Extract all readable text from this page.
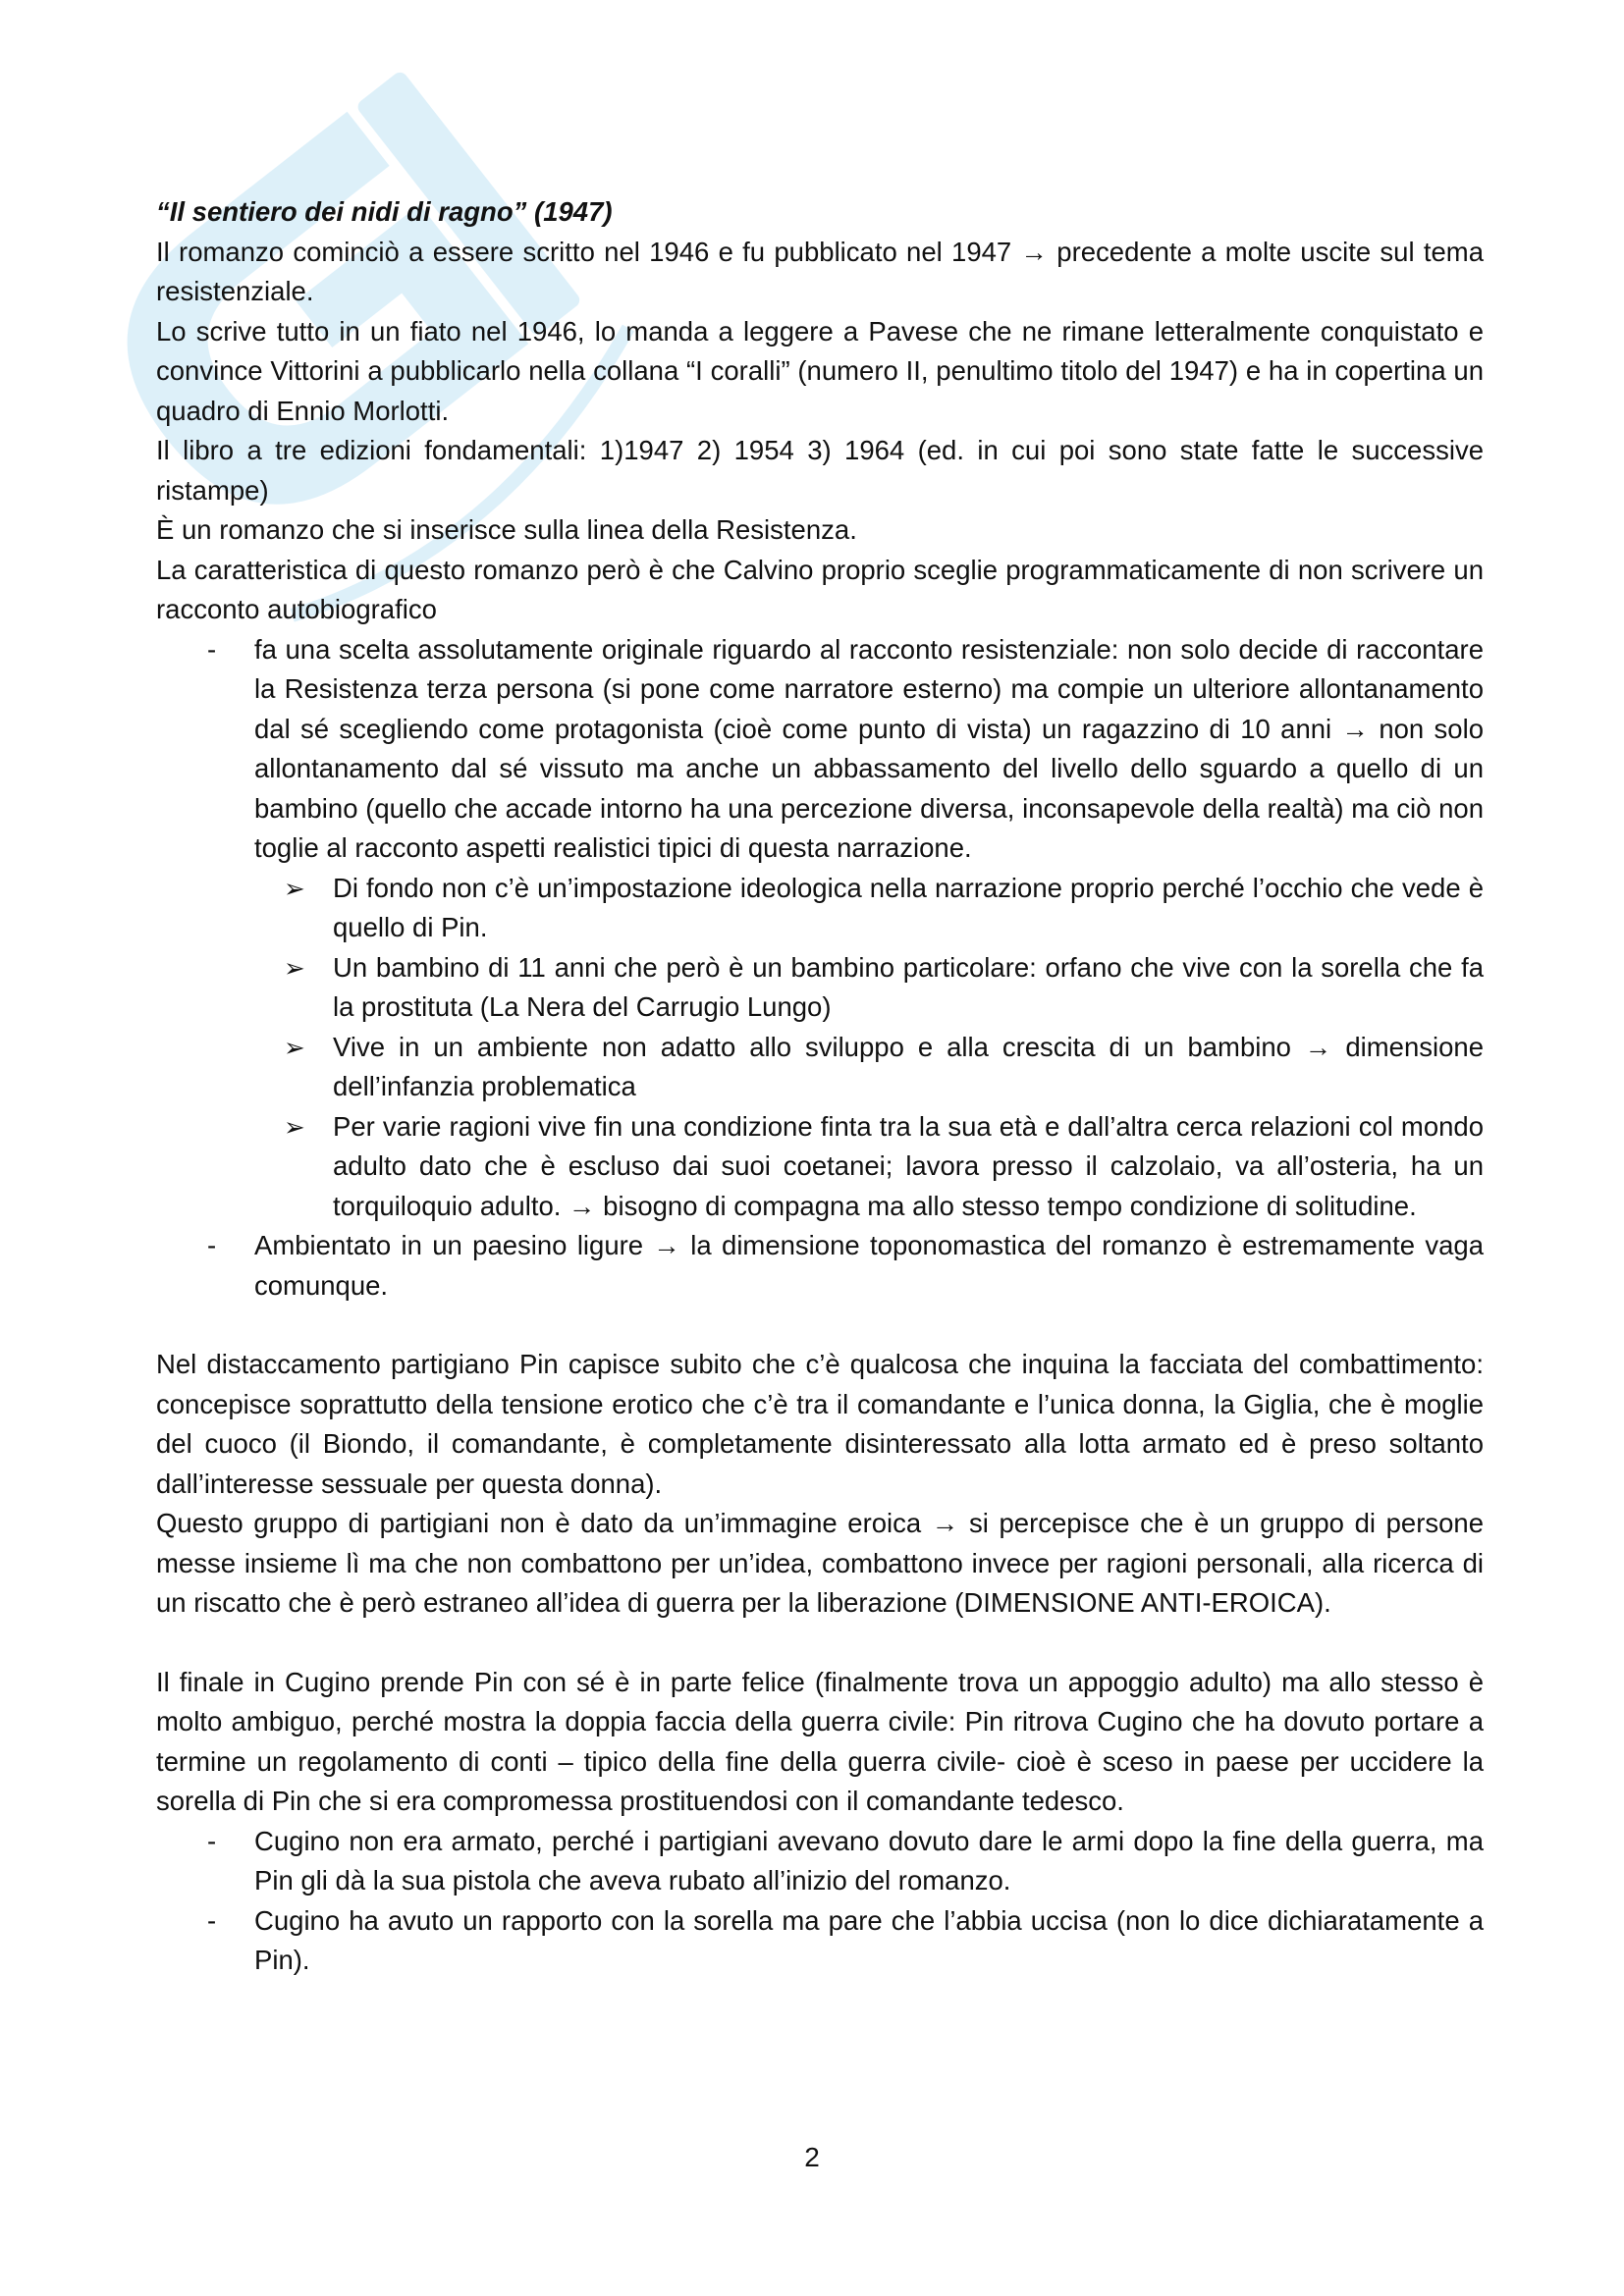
“Il sentiero dei nidi di ragno” (1947)

Il romanzo cominciò a essere scritto nel 1946 e fu pubblicato nel 1947 → precedente a molte uscite sul tema resistenziale.

Lo scrive tutto in un fiato nel 1946, lo manda a leggere a Pavese che ne rimane letteralmente conquistato e convince Vittorini a pubblicarlo nella collana “I coralli” (numero II, penultimo titolo del 1947) e ha in copertina un quadro di Ennio Morlotti.

Il libro a tre edizioni fondamentali: 1)1947 2) 1954 3) 1964 (ed. in cui poi sono state fatte le successive ristampe)

È un romanzo che si inserisce sulla linea della Resistenza.

La caratteristica di questo romanzo però è che Calvino proprio sceglie programmaticamente di non scrivere un racconto autobiografico

- fa una scelta assolutamente originale riguardo al racconto resistenziale: non solo decide di raccontare la Resistenza terza persona (si pone come narratore esterno) ma compie un ulteriore allontanamento dal sé scegliendo come protagonista (cioè come punto di vista) un ragazzino di 10 anni → non solo allontanamento dal sé vissuto ma anche un abbassamento del livello dello sguardo a quello di un bambino (quello che accade intorno ha una percezione diversa, inconsapevole della realtà) ma ciò non toglie al racconto aspetti realistici tipici di questa narrazione.
➢ Di fondo non c’è un’impostazione ideologica nella narrazione proprio perché l’occhio che vede è quello di Pin.
➢ Un bambino di 11 anni che però è un bambino particolare: orfano che vive con la sorella che fa la prostituta (La Nera del Carrugio Lungo)
➢ Vive in un ambiente non adatto allo sviluppo e alla crescita di un bambino → dimensione dell’infanzia problematica
➢ Per varie ragioni vive fin una condizione finta tra la sua età e dall’altra cerca relazioni col mondo adulto dato che è escluso dai suoi coetanei; lavora presso il calzolaio, va all’osteria, ha un torquiloquio adulto. → bisogno di compagna ma allo stesso tempo condizione di solitudine.
- Ambientato in un paesino ligure → la dimensione toponomastica del romanzo è estremamente vaga comunque.

Nel distaccamento partigiano Pin capisce subito che c’è qualcosa che inquina la facciata del combattimento: concepisce soprattutto della tensione erotico che c’è tra il comandante e l’unica donna, la Giglia, che è moglie del cuoco (il Biondo, il comandante, è completamente disinteressato alla lotta armato ed è preso soltanto dall’interesse sessuale per questa donna).

Questo gruppo di partigiani non è dato da un’immagine eroica → si percepisce che è un gruppo di persone messe insieme lì ma che non combattono per un’idea, combattono invece per ragioni personali, alla ricerca di un riscatto che è però estraneo all’idea di guerra per la liberazione (DIMENSIONE ANTI-EROICA).

Il finale in Cugino prende Pin con sé è in parte felice (finalmente trova un appoggio adulto) ma allo stesso è molto ambiguo, perché mostra la doppia faccia della guerra civile: Pin ritrova Cugino che ha dovuto portare a termine un regolamento di conti – tipico della fine della guerra civile- cioè è sceso in paese per uccidere la sorella di Pin che si era compromessa prostituendosi con il comandante tedesco.

- Cugino non era armato, perché i partigiani avevano dovuto dare le armi dopo la fine della guerra, ma Pin gli dà la sua pistola che aveva rubato all’inizio del romanzo.
- Cugino ha avuto un rapporto con la sorella ma pare che l’abbia uccisa (non lo dice dichiaratamente a Pin).
2
